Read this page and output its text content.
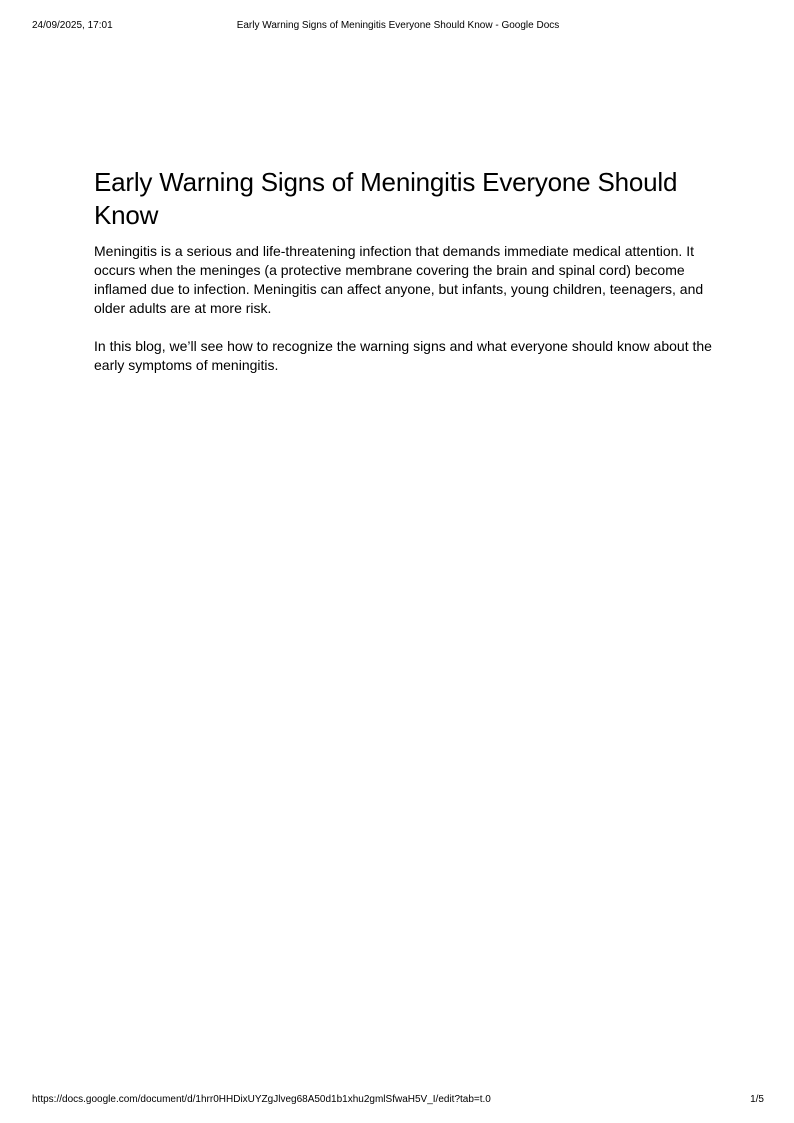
24/09/2025, 17:01	Early Warning Signs of Meningitis Everyone Should Know - Google Docs
Early Warning Signs of Meningitis Everyone Should Know

Meningitis is a serious and life-threatening infection that demands immediate medical attention. It occurs when the meninges (a protective membrane covering the brain and spinal cord) become inflamed due to infection. Meningitis can affect anyone, but infants, young children, teenagers, and older adults are at more risk.

In this blog, we’ll see how to recognize the warning signs and what everyone should know about the early symptoms of meningitis.

https://docs.google.com/document/d/1hrr0HHDixUYZgJlveg68A50d1b1xhu2gmlSfwaH5V_I/edit?tab=t.0	1/5
